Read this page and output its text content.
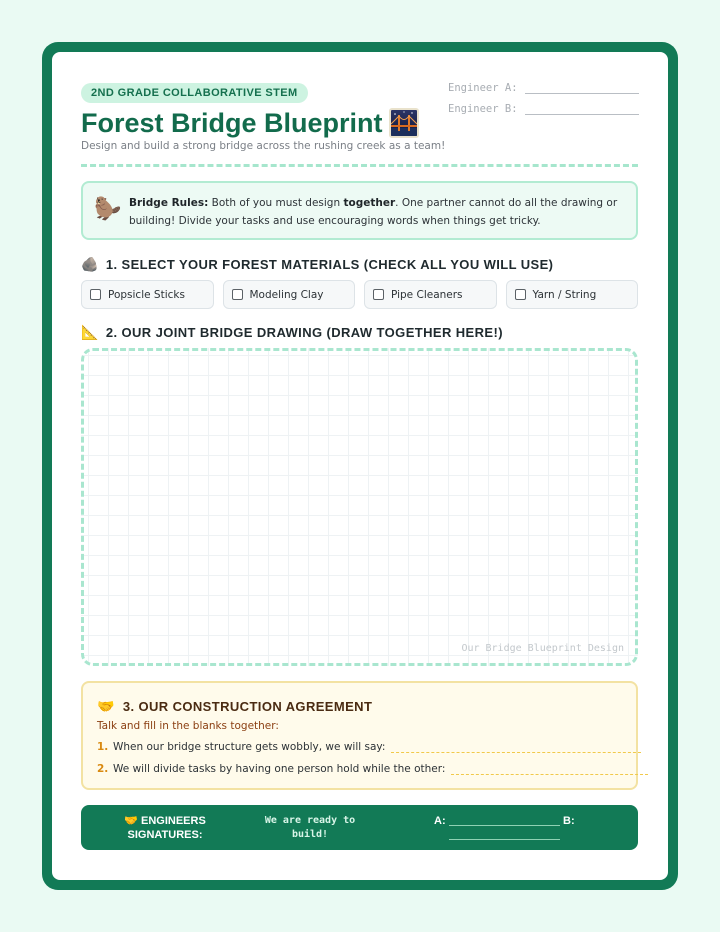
2ND GRADE COLLABORATIVE STEM
Forest Bridge Blueprint
Design and build a strong bridge across the rushing creek as a team!
Engineer A:
Engineer B:
🦫 Bridge Rules: Both of you must design together. One partner cannot do all the drawing or building! Divide your tasks and use encouraging words when things get tricky.
🪨 1. SELECT YOUR FOREST MATERIALS (CHECK ALL YOU WILL USE)
Popsicle Sticks	Modeling Clay	Pipe Cleaners	Yarn / String
📐 2. OUR JOINT BRIDGE DRAWING (DRAW TOGETHER HERE!)
Our Bridge Blueprint Design
🤝 3. OUR CONSTRUCTION AGREEMENT
Talk and fill in the blanks together:
1. When our bridge structure gets wobbly, we will say:
2. We will divide tasks by having one person hold while the other:
🤝 ENGINEERS SIGNATURES:
We are ready to build!
A:	B:
